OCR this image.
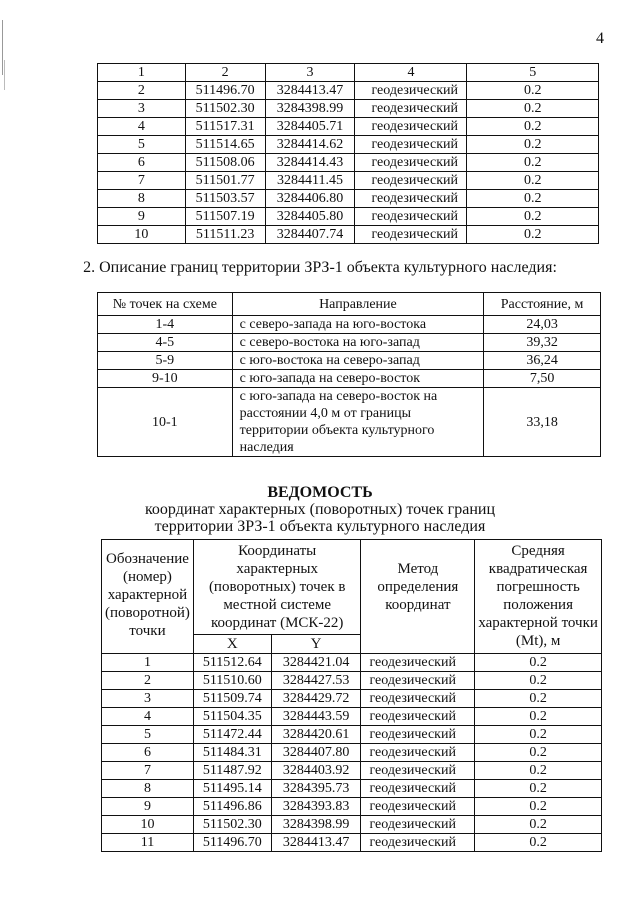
4
1	2	3	4	5
2	511496.70	3284413.47	геодезический	0.2
3	511502.30	3284398.99	геодезический	0.2
4	511517.31	3284405.71	геодезический	0.2
5	511514.65	3284414.62	геодезический	0.2
6	511508.06	3284414.43	геодезический	0.2
7	511501.77	3284411.45	геодезический	0.2
8	511503.57	3284406.80	геодезический	0.2
9	511507.19	3284405.80	геодезический	0.2
10	511511.23	3284407.74	геодезический	0.2
2. Описание границ территории ЗРЗ-1 объекта культурного наследия:
№ точек на схеме	Направление	Расстояние, м
1-4	с северо-запада на юго-востока	24,03
4-5	с северо-востока на юго-запад	39,32
5-9	с юго-востока на северо-запад	36,24
9-10	с юго-запада на северо-восток	7,50
10-1	с юго-запада на северо-восток на расстоянии 4,0 м от границы территории объекта культурного наследия	33,18
ВЕДОМОСТЬ
координат характерных (поворотных) точек границ
территории ЗРЗ-1 объекта культурного наследия
Обозначение (номер) характерной (поворотной) точки	Координаты характерных (поворотных) точек в местной системе координат (МСК-22)		Метод определения координат	Средняя квадратическая погрешность положения характерной точки (Mt), м
	X	Y		
1	511512.64	3284421.04	геодезический	0.2
2	511510.60	3284427.53	геодезический	0.2
3	511509.74	3284429.72	геодезический	0.2
4	511504.35	3284443.59	геодезический	0.2
5	511472.44	3284420.61	геодезический	0.2
6	511484.31	3284407.80	геодезический	0.2
7	511487.92	3284403.92	геодезический	0.2
8	511495.14	3284395.73	геодезический	0.2
9	511496.86	3284393.83	геодезический	0.2
10	511502.30	3284398.99	геодезический	0.2
11	511496.70	3284413.47	геодезический	0.2
